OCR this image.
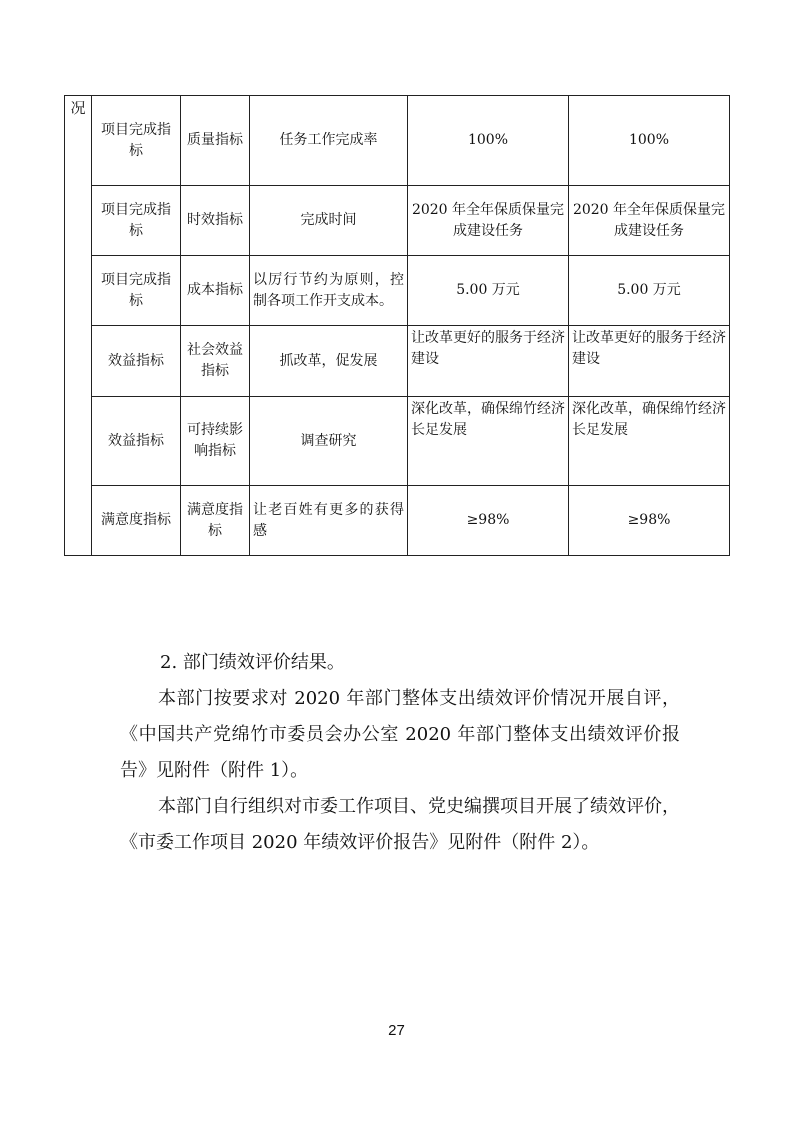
况	项目完成指标	质量指标	任务工作完成率	100%	100%
	项目完成指标	时效指标	完成时间	2020 年全年保质保量完成建设任务	2020 年全年保质保量完成建设任务
	项目完成指标	成本指标	以厉行节约为原则，控制各项工作开支成本。	5.00 万元	5.00 万元
	效益指标	社会效益指标	抓改革，促发展	让改革更好的服务于经济建设	让改革更好的服务于经济建设
	效益指标	可持续影响指标	调查研究	深化改革，确保绵竹经济长足发展	深化改革，确保绵竹经济长足发展
	满意度指标	满意度指标	让老百姓有更多的获得感	≥98%	≥98%
2. 部门绩效评价结果。

本部门按要求对 2020 年部门整体支出绩效评价情况开展自评，《中国共产党绵竹市委员会办公室 2020 年部门整体支出绩效评价报告》见附件（附件 1）。

本部门自行组织对市委工作项目、党史编撰项目开展了绩效评价，《市委工作项目 2020 年绩效评价报告》见附件（附件 2）。

27
